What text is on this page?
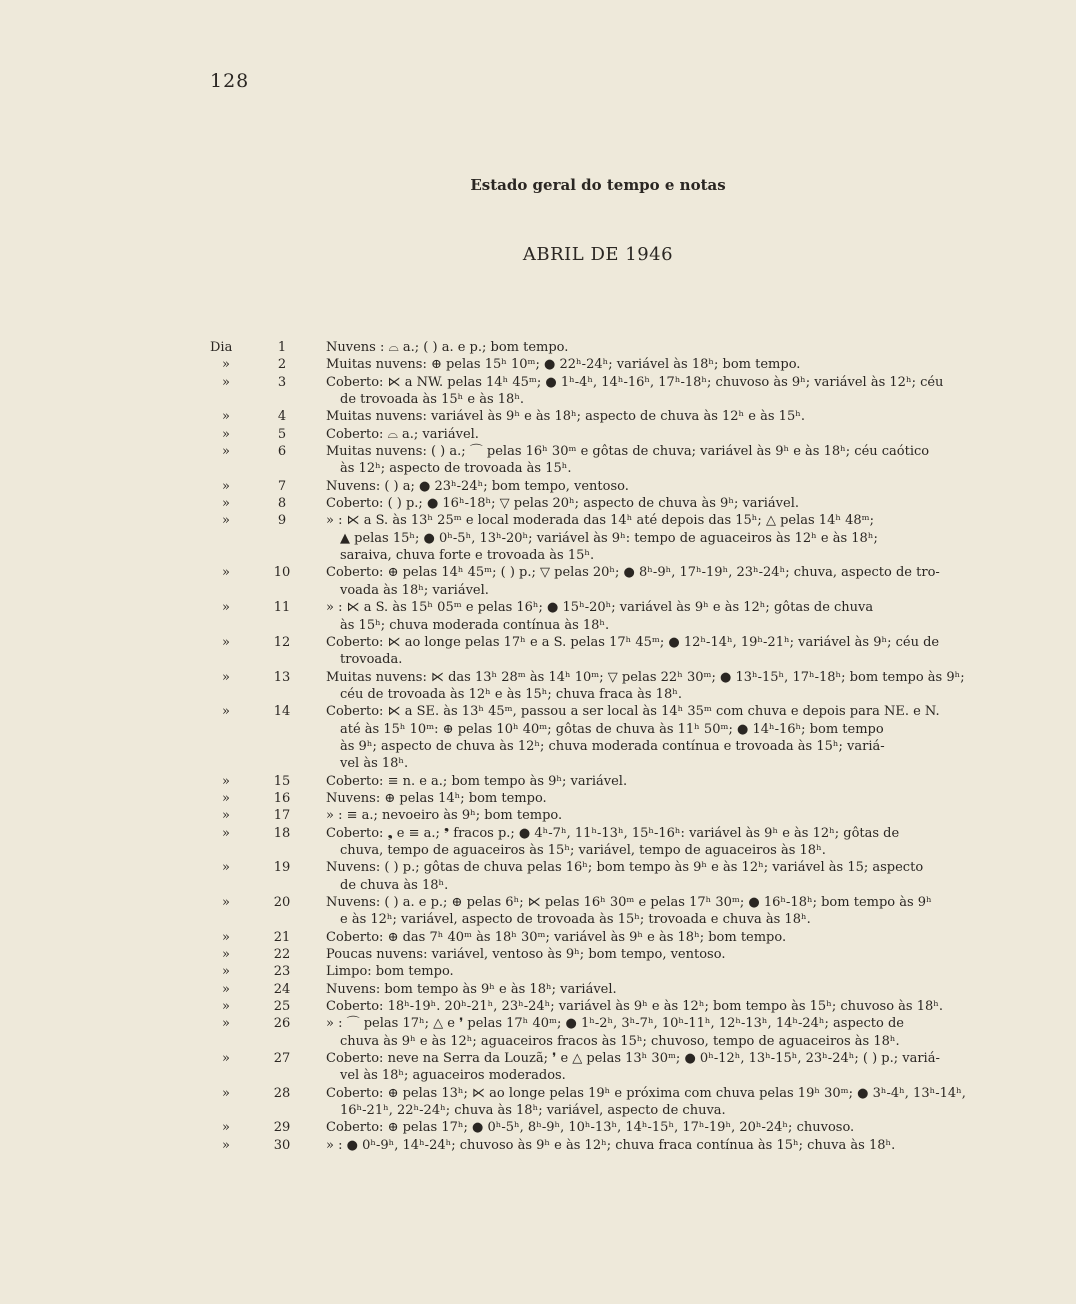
128
Estado geral do tempo e notas
ABRIL DE 1946
Dia	1	Nuvens : ⌓ a.; ( ) a. e p.; bom tempo.
»	2	Muitas nuvens: ⊕ pelas 15ʰ 10ᵐ; ● 22ʰ-24ʰ; variável às 18ʰ; bom tempo.
»	3	Coberto: ⋉ a NW. pelas 14ʰ 45ᵐ; ● 1ʰ-4ʰ, 14ʰ-16ʰ, 17ʰ-18ʰ; chuvoso às 9ʰ; variável às 12ʰ; céu
de trovoada às 15ʰ e às 18ʰ.
»	4	Muitas nuvens: variável às 9ʰ e às 18ʰ; aspecto de chuva às 12ʰ e às 15ʰ.
»	5	Coberto: ⌓ a.; variável.
»	6	Muitas nuvens: ( ) a.; ⌒ pelas 16ʰ 30ᵐ e gôtas de chuva; variável às 9ʰ e às 18ʰ; céu caótico
às 12ʰ; aspecto de trovoada às 15ʰ.
»	7	Nuvens: ( ) a; ● 23ʰ-24ʰ; bom tempo, ventoso.
»	8	Coberto: ( ) p.; ● 16ʰ-18ʰ; ▽ pelas 20ʰ; aspecto de chuva às 9ʰ; variável.
»	9	» : ⋉ a S. às 13ʰ 25ᵐ e local moderada das 14ʰ até depois das 15ʰ; △ pelas 14ʰ 48ᵐ;
▲ pelas 15ʰ; ● 0ʰ-5ʰ, 13ʰ-20ʰ; variável às 9ʰ: tempo de aguaceiros às 12ʰ e às 18ʰ;
saraiva, chuva forte e trovoada às 15ʰ.
»	10	Coberto: ⊕ pelas 14ʰ 45ᵐ; ( ) p.; ▽ pelas 20ʰ; ● 8ʰ-9ʰ, 17ʰ-19ʰ, 23ʰ-24ʰ; chuva, aspecto de tro-
voada às 18ʰ; variável.
»	11	» : ⋉ a S. às 15ʰ 05ᵐ e pelas 16ʰ; ● 15ʰ-20ʰ; variável às 9ʰ e às 12ʰ; gôtas de chuva
às 15ʰ; chuva moderada contínua às 18ʰ.
»	12	Coberto: ⋉ ao longe pelas 17ʰ e a S. pelas 17ʰ 45ᵐ; ● 12ʰ-14ʰ, 19ʰ-21ʰ; variável às 9ʰ; céu de
trovoada.
»	13	Muitas nuvens: ⋉ das 13ʰ 28ᵐ às 14ʰ 10ᵐ; ▽ pelas 22ʰ 30ᵐ; ● 13ʰ-15ʰ, 17ʰ-18ʰ; bom tempo às 9ʰ;
céu de trovoada às 12ʰ e às 15ʰ; chuva fraca às 18ʰ.
»	14	Coberto: ⋉ a SE. às 13ʰ 45ᵐ, passou a ser local às 14ʰ 35ᵐ com chuva e depois para NE. e N.
até às 15ʰ 10ᵐ: ⊕ pelas 10ʰ 40ᵐ; gôtas de chuva às 11ʰ 50ᵐ; ● 14ʰ-16ʰ; bom tempo
às 9ʰ; aspecto de chuva às 12ʰ; chuva moderada contínua e trovoada às 15ʰ; variá-
vel às 18ʰ.
»	15	Coberto: ≡ n. e a.; bom tempo às 9ʰ; variável.
»	16	Nuvens: ⊕ pelas 14ʰ; bom tempo.
»	17	» : ≡ a.; nevoeiro às 9ʰ; bom tempo.
»	18	Coberto: ❟ e ≡ a.; ❜ fracos p.; ● 4ʰ-7ʰ, 11ʰ-13ʰ, 15ʰ-16ʰ: variável às 9ʰ e às 12ʰ; gôtas de
chuva, tempo de aguaceiros às 15ʰ; variável, tempo de aguaceiros às 18ʰ.
»	19	Nuvens: ( ) p.; gôtas de chuva pelas 16ʰ; bom tempo às 9ʰ e às 12ʰ; variável às 15; aspecto
de chuva às 18ʰ.
»	20	Nuvens: ( ) a. e p.; ⊕ pelas 6ʰ; ⋉ pelas 16ʰ 30ᵐ e pelas 17ʰ 30ᵐ; ● 16ʰ-18ʰ; bom tempo às 9ʰ
e às 12ʰ; variável, aspecto de trovoada às 15ʰ; trovoada e chuva às 18ʰ.
»	21	Coberto: ⊕ das 7ʰ 40ᵐ às 18ʰ 30ᵐ; variável às 9ʰ e às 18ʰ; bom tempo.
»	22	Poucas nuvens: variável, ventoso às 9ʰ; bom tempo, ventoso.
»	23	Limpo: bom tempo.
»	24	Nuvens: bom tempo às 9ʰ e às 18ʰ; variável.
»	25	Coberto: 18ʰ-19ʰ. 20ʰ-21ʰ, 23ʰ-24ʰ; variável às 9ʰ e às 12ʰ; bom tempo às 15ʰ; chuvoso às 18ʰ.
»	26	» : ⌒ pelas 17ʰ; △ e ❜ pelas 17ʰ 40ᵐ; ● 1ʰ-2ʰ, 3ʰ-7ʰ, 10ʰ-11ʰ, 12ʰ-13ʰ, 14ʰ-24ʰ; aspecto de
chuva às 9ʰ e às 12ʰ; aguaceiros fracos às 15ʰ; chuvoso, tempo de aguaceiros às 18ʰ.
»	27	Coberto: neve na Serra da Louzã; ❜ e △ pelas 13ʰ 30ᵐ; ● 0ʰ-12ʰ, 13ʰ-15ʰ, 23ʰ-24ʰ; ( ) p.; variá-
vel às 18ʰ; aguaceiros moderados.
»	28	Coberto: ⊕ pelas 13ʰ; ⋉ ao longe pelas 19ʰ e próxima com chuva pelas 19ʰ 30ᵐ; ● 3ʰ-4ʰ, 13ʰ-14ʰ,
16ʰ-21ʰ, 22ʰ-24ʰ; chuva às 18ʰ; variável, aspecto de chuva.
»	29	Coberto: ⊕ pelas 17ʰ; ● 0ʰ-5ʰ, 8ʰ-9ʰ, 10ʰ-13ʰ, 14ʰ-15ʰ, 17ʰ-19ʰ, 20ʰ-24ʰ; chuvoso.
»	30	» : ● 0ʰ-9ʰ, 14ʰ-24ʰ; chuvoso às 9ʰ e às 12ʰ; chuva fraca contínua às 15ʰ; chuva às 18ʰ.
